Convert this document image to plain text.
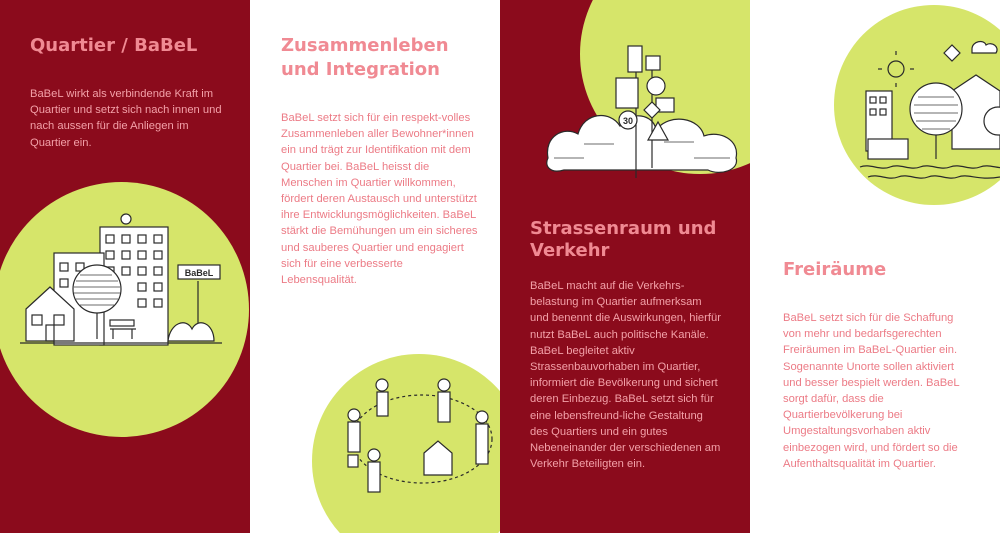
Quartier / BaBeL

BaBeL wirkt als verbindende Kraft im Quartier und setzt sich nach innen und nach aussen für die Anliegen im Quartier ein.

BaBeL
Zusammenleben und Integration

BaBeL setzt sich für ein respekt-volles Zusammenleben aller Bewohner*innen ein und trägt zur Identifikation mit dem Quartier bei. BaBeL heisst die Menschen im Quartier willkommen, fördert deren Austausch und unterstützt ihre Entwicklungsmöglichkeiten. BaBeL stärkt die Bemühungen um ein sicheres und sauberes Quartier und engagiert sich für eine verbesserte Lebensqualität.

30
Strassenraum und Verkehr

BaBeL macht auf die Verkehrs-belastung im Quartier aufmerksam und benennt die Auswirkungen, hierfür nutzt BaBeL auch politische Kanäle. BaBeL begleitet aktiv Strassenbauvorhaben im Quartier, informiert die Bevölkerung und sichert deren Einbezug. BaBeL setzt sich für eine lebensfreund-liche Gestaltung des Quartiers und ein gutes Nebeneinander der verschiedenen am Verkehr Beteiligten ein.

Freiräume

BaBeL setzt sich für die Schaffung von mehr und bedarfsgerechten Freiräumen im BaBeL-Quartier ein. Sogenannte Unorte sollen aktiviert und besser bespielt werden. BaBeL sorgt dafür, dass die Quartierbevölkerung bei Umgestaltungsvorhaben aktiv einbezogen wird, und fördert so die Aufenthaltsqualität im Quartier.
